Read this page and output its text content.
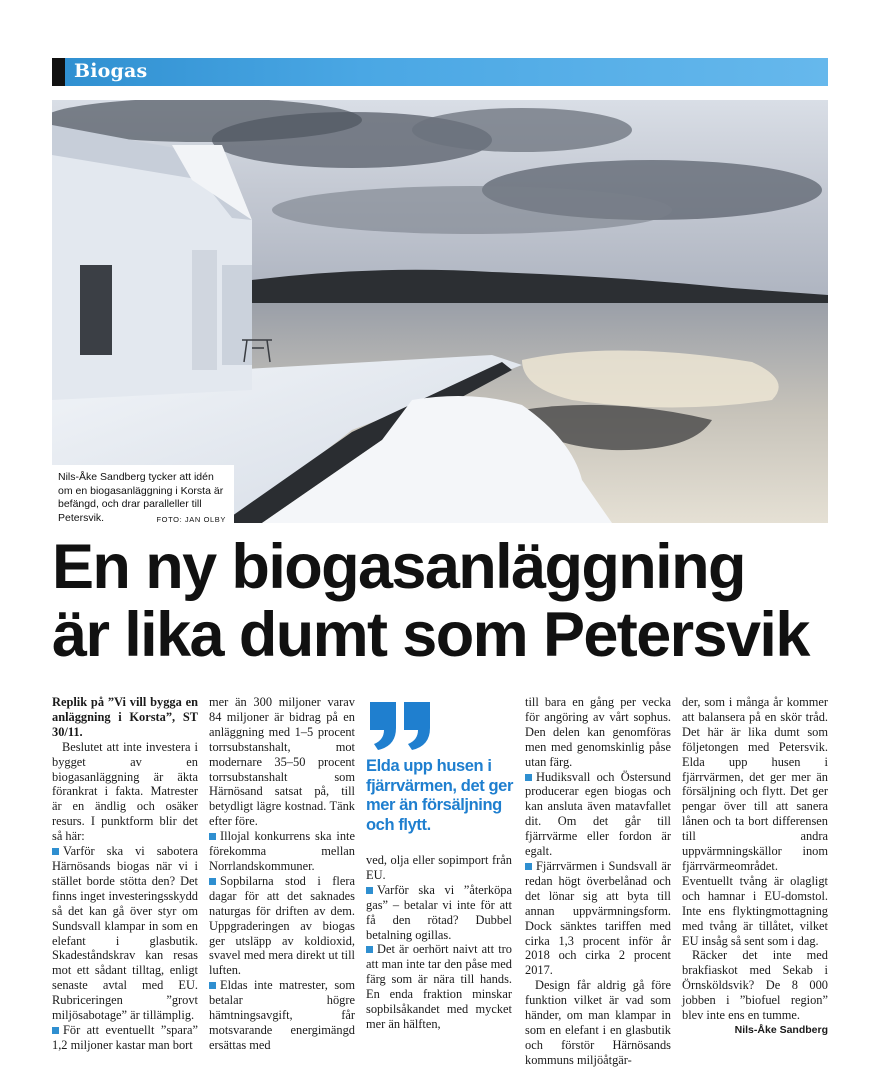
Biogas
Nils-Åke Sandberg tycker att idén om en biogasanläggning i Korsta är befängd, och drar paralleller till Petersvik.	FOTO: JAN OLBY
En ny biogasanläggning
är lika dumt som Petersvik

Replik på ”Vi vill bygga en anläggning i Korsta”, ST 30/11.

Beslutet att inte investera i bygget av en biogasanläggning är äkta förankrat i fakta. Matrester är en ändlig och osäker resurs. I punktform blir det så här:

Varför ska vi sabotera Härnösands biogas när vi i stället borde stötta den? Det finns inget investeringsskydd så det kan gå över styr om Sundsvall klampar in som en elefant i glasbutik. Skadeståndskrav kan resas mot ett sådant tilltag, enligt senaste avtal med EU. Rubriceringen ”grovt miljösabotage” är tillämplig.

För att eventuellt ”spara” 1,2 miljoner kastar man bort

mer än 300 miljoner varav 84 miljoner är bidrag på en anläggning med 1–5 procent torrsubstanshalt, mot modernare 35–50 procent torrsubstanshalt som Härnösand satsat på, till betydligt lägre kostnad. Tänk efter före.

Illojal konkurrens ska inte förekomma mellan Norrlandskommuner.

Sopbilarna stod i flera dagar för att det saknades naturgas för driften av dem. Uppgraderingen av biogas ger utsläpp av koldioxid, svavel med mera direkt ut till luften.

Eldas inte matrester, som betalar högre hämtningsavgift, får motsvarande energimängd ersättas med

Elda upp husen i fjärrvärmen, det ger mer än försäljning och flytt.

ved, olja eller sopimport från EU.

Varför ska vi ”återköpa gas” – betalar vi inte för att få den rötad? Dubbel betalning ogillas.

Det är oerhört naivt att tro att man inte tar den påse med färg som är nära till hands. En enda fraktion minskar sopbilsåkandet med mycket mer än hälften,

till bara en gång per vecka för angöring av vårt sophus. Den delen kan genomföras men med genomskinlig påse utan färg.

Hudiksvall och Östersund producerar egen biogas och kan ansluta även matavfallet dit. Om det går till fjärrvärme eller fordon är egalt.

Fjärrvärmen i Sundsvall är redan högt överbelånad och det lönar sig att byta till annan uppvärmningsform. Dock sänktes tariffen med cirka 1,3 procent inför år 2018 och cirka 2 procent 2017.

Design får aldrig gå före funktion vilket är vad som händer, om man klampar in som en elefant i en glasbutik och förstör Härnösands kommuns miljöåtgär-

der, som i många år kommer att balansera på en skör tråd. Det här är lika dumt som följetongen med Petersvik. Elda upp husen i fjärrvärmen, det ger mer än försäljning och flytt. Det ger pengar över till att sanera lånen och ta bort differensen till andra uppvärmningskällor inom fjärrvärmeområdet. Eventuellt tvång är olagligt och hamnar i EU-domstol. Inte ens flyktingmottagning med tvång är tillåtet, vilket EU insåg så sent som i dag.

Räcker det inte med brakfiaskot med Sekab i Örnsköldsvik? De 8 000 jobben i ”biofuel region” blev inte ens en tumme.

Nils-Åke Sandberg
